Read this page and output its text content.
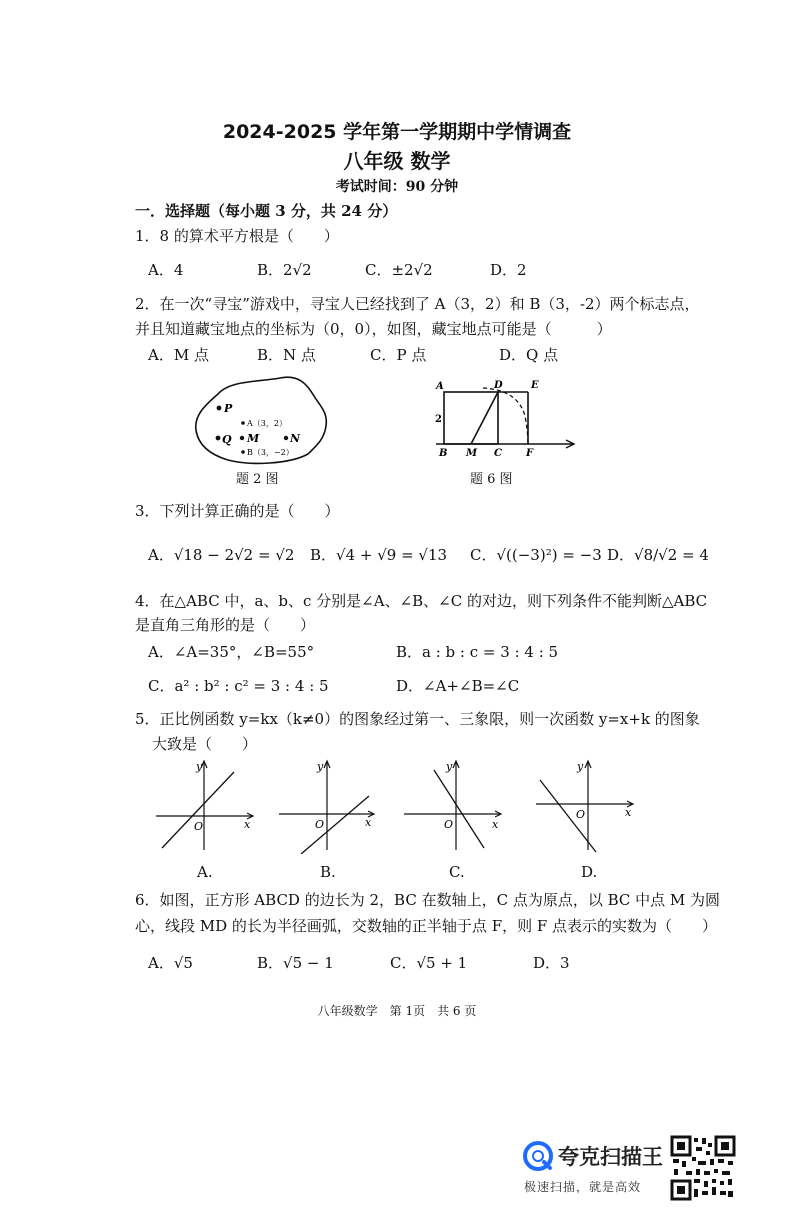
2024-2025 学年第一学期期中学情调查
八年级 数学
考试时间：90 分钟
一．选择题（每小题 3 分，共 24 分）
1．8 的算术平方根是（　　）
A．4	B．2√2	C．±2√2	D．2
2．在一次“寻宝”游戏中，寻宝人已经找到了 A（3，2）和 B（3，-2）两个标志点，
并且知道藏宝地点的坐标为（0，0），如图，藏宝地点可能是（　　　）
A．M 点	B．N 点	C．P 点	D．Q 点
P
Q
A（3，2）
M	N
B（3，−2）
题 2 图
A	D	E
2
B M C F
题 6 图
3．下列计算正确的是（　　）
A．√18 − 2√2 = √2 B．√4 + √9 = √13 C．√((−3)²) = −3 D．√8/√2 = 4
4．在△ABC 中，a、b、c 分别是∠A、∠B、∠C 的对边，则下列条件不能判断△ABC
是直角三角形的是（　　）
A．∠A=35°，∠B=55°	B．a : b : c = 3 : 4 : 5
C．a² : b² : c² = 3 : 4 : 5	D．∠A+∠B=∠C
5．正比例函数 y=kx（k≠0）的图象经过第一、三象限，则一次函数 y=x+k 的图象
大致是（　　）
y
x
O
y
x
O
y
x
O
y
x
O
A.	B.	C.	D.
6．如图，正方形 ABCD 的边长为 2，BC 在数轴上，C 点为原点，以 BC 中点 M 为圆
心，线段 MD 的长为半径画弧，交数轴的正半轴于点 F，则 F 点表示的实数为（　　）
A．√5	B．√5 − 1	C．√5 + 1	D．3
八年级数学　第 1页　共 6 页
夸克扫描王
极速扫描，就是高效
